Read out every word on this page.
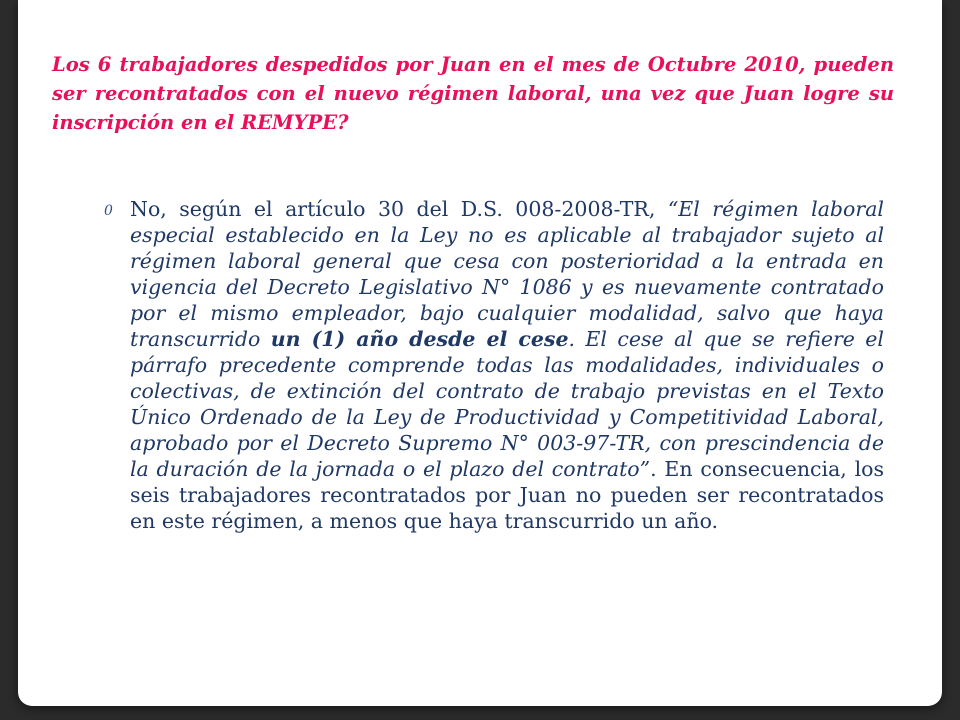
Los 6 trabajadores despedidos por Juan en el mes de Octubre 2010, pueden ser recontratados con el nuevo régimen laboral, una vez que Juan logre su inscripción en el REMYPE?

0 No, según el artículo 30 del D.S. 008-2008-TR, “El régimen laboral especial establecido en la Ley no es aplicable al trabajador sujeto al régimen laboral general que cesa con posterioridad a la entrada en vigencia del Decreto Legislativo N° 1086 y es nuevamente contratado por el mismo empleador, bajo cualquier modalidad, salvo que haya transcurrido un (1) año desde el cese. El cese al que se refiere el párrafo precedente comprende todas las modalidades, individuales o colectivas, de extinción del contrato de trabajo previstas en el Texto Único Ordenado de la Ley de Productividad y Competitividad Laboral, aprobado por el Decreto Supremo N° 003-97-TR, con prescindencia de la duración de la jornada o el plazo del contrato”. En consecuencia, los seis trabajadores recontratados por Juan no pueden ser recontratados en este régimen, a menos que haya transcurrido un año.
